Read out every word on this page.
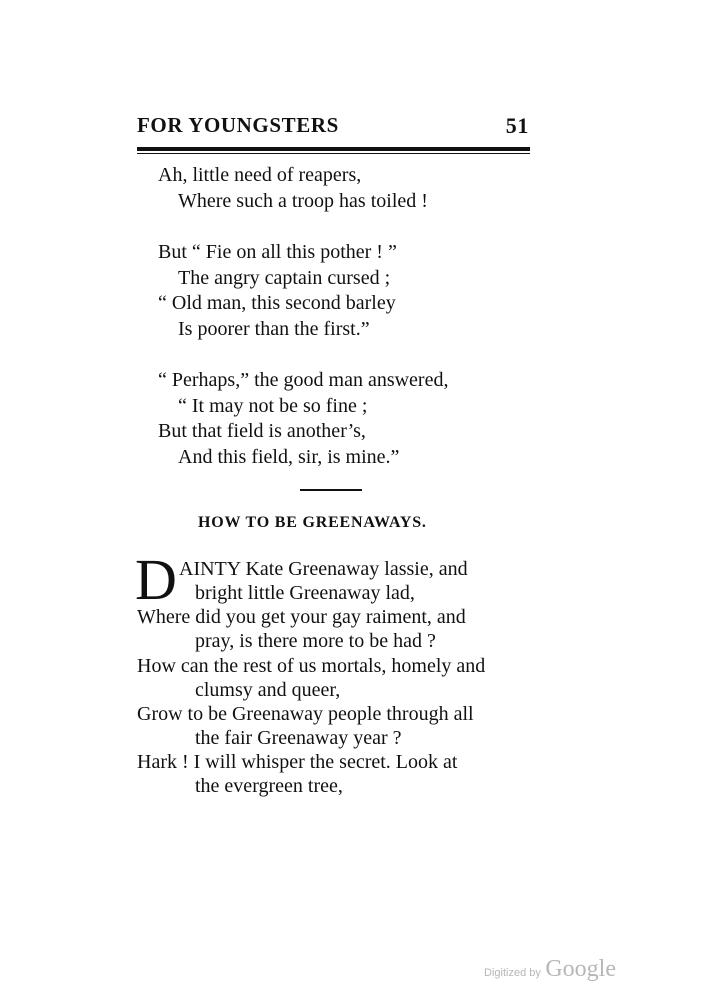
FOR YOUNGSTERS	51
Ah, little need of reapers,
Where such a troop has toiled !
But “ Fie on all this pother ! ”
The angry captain cursed ;
“ Old man, this second barley
Is poorer than the first.”
“ Perhaps,” the good man answered,
“ It may not be so fine ;
But that field is another’s,
And this field, sir, is mine.”
HOW TO BE GREENAWAYS.
D AINTY Kate Greenaway lassie, and
bright little Greenaway lad,
Where did you get your gay raiment, and
pray, is there more to be had ?
How can the rest of us mortals, homely and
clumsy and queer,
Grow to be Greenaway people through all
the fair Greenaway year ?
Hark ! I will whisper the secret. Look at
the evergreen tree,
Digitized by Google
